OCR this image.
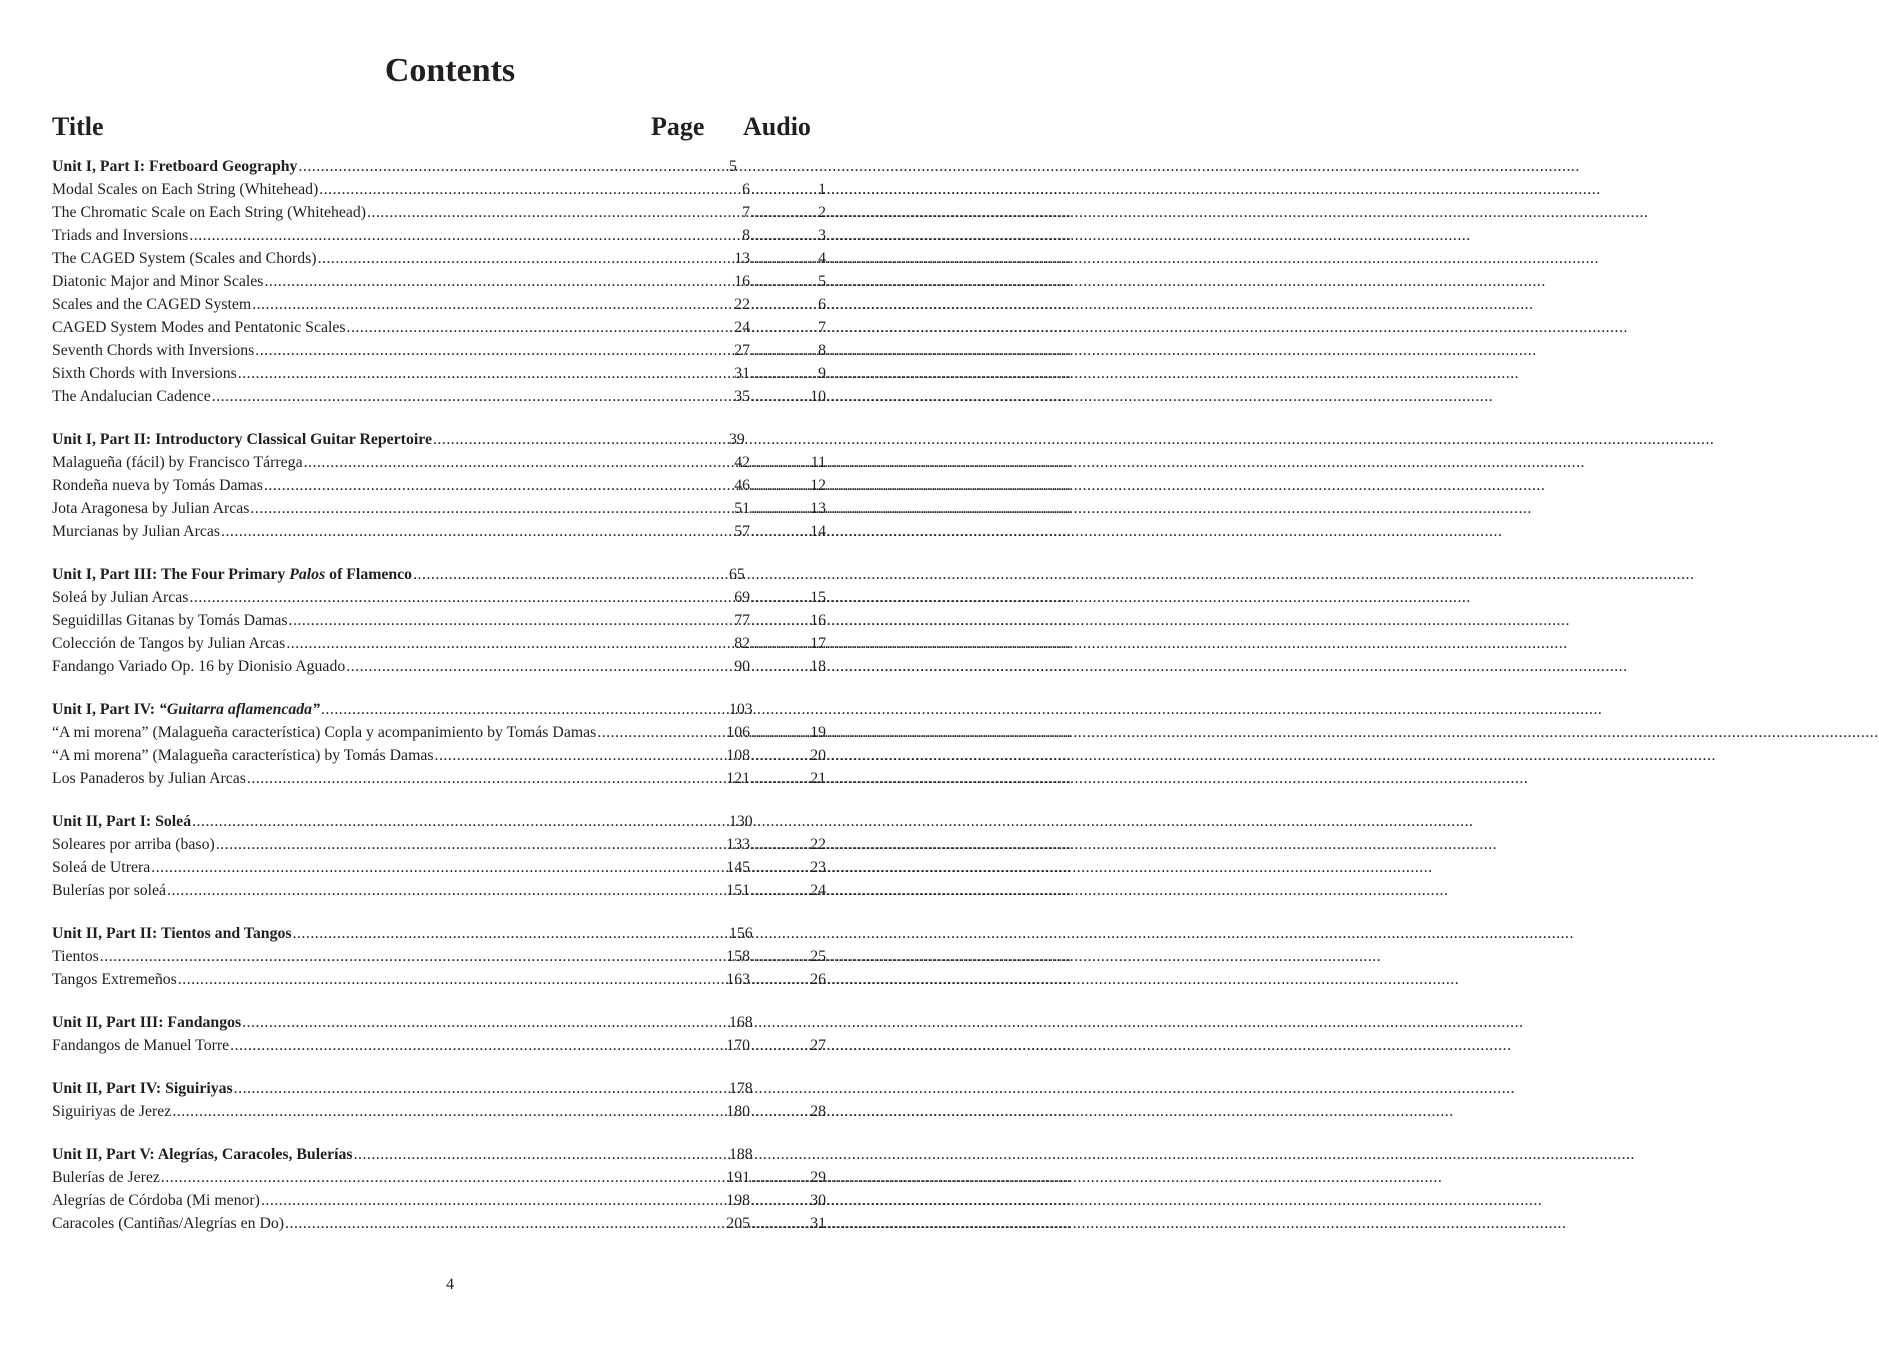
Contents
Title	Page Audio
Unit I, Part I: Fretboard Geography .....	5
Modal Scales on Each String (Whitehead) .....	6 .....	1
The Chromatic Scale on Each String (Whitehead) .....	7 .....	2
Triads and Inversions .....	8 .....	3
The CAGED System (Scales and Chords) .....	13 .....	4
Diatonic Major and Minor Scales .....	16 .....	5
Scales and the CAGED System .....	22 .....	6
CAGED System Modes and Pentatonic Scales .....	24 .....	7
Seventh Chords with Inversions .....	27 .....	8
Sixth Chords with Inversions .....	31 .....	9
The Andalucian Cadence .....	35 .....	10
Unit I, Part II: Introductory Classical Guitar Repertoire .....	39
Malagueña (fácil) by Francisco Tárrega .....	42 .....	11
Rondeña nueva by Tomás Damas .....	46 .....	12
Jota Aragonesa by Julian Arcas .....	51 .....	13
Murcianas by Julian Arcas .....	57 .....	14
Unit I, Part III: The Four Primary Palos of Flamenco .....	65
Soleá by Julian Arcas .....	69 .....	15
Seguidillas Gitanas by Tomás Damas .....	77 .....	16
Colección de Tangos by Julian Arcas .....	82 .....	17
Fandango Variado Op. 16 by Dionisio Aguado .....	90 .....	18
Unit I, Part IV: “Guitarra aflamencada” .....	103
“A mi morena” (Malagueña característica) Copla y acompanimiento by Tomás Damas .....	106 .....	19
“A mi morena” (Malagueña característica) by Tomás Damas .....	108 .....	20
Los Panaderos by Julian Arcas .....	121 .....	21
Unit II, Part I: Soleá .....	130
Soleares por arriba (baso) .....	133 .....	22
Soleá de Utrera .....	145 .....	23
Bulerías por soleá .....	151 .....	24
Unit II, Part II: Tientos and Tangos .....	156
Tientos .....	158 .....	25
Tangos Extremeños .....	163 .....	26
Unit II, Part III: Fandangos .....	168
Fandangos de Manuel Torre .....	170 .....	27
Unit II, Part IV: Siguiriyas .....	178
Siguiriyas de Jerez .....	180 .....	28
Unit II, Part V: Alegrías, Caracoles, Bulerías .....	188
Bulerías de Jerez .....	191 .....	29
Alegrías de Córdoba (Mi menor) .....	198 .....	30
Caracoles (Cantiñas/Alegrías en Do) .....	205 .....	31
4
